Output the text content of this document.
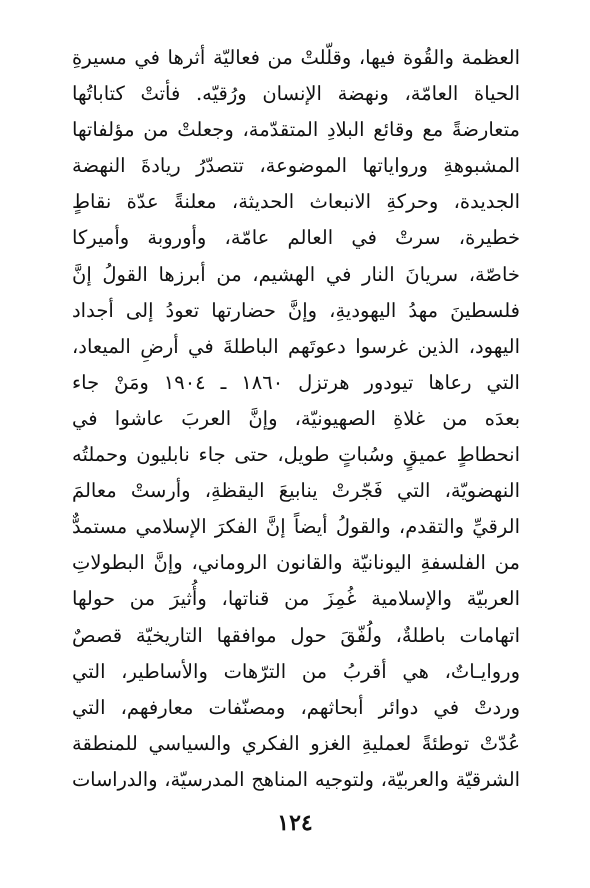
العظمة والقُوة فيها، وقلّلتْ من فعاليّة أثرها في مسيرةِ
الحياة العامّة، ونهضة الإنسان ورُقيّه. فأتتْ كتاباتُها
متعارضةً مع وقائع البلادِ المتقدّمة، وجعلتْ من مؤلفاتها
المشبوهةِ ورواياتها الموضوعة، تتصدّرُ ريادةَ النهضة
الجديدة، وحركةِ الانبعاث الحديثة، معلنةً عدّة نقاطٍ
خطيرة، سرتْ في العالم عامّة، وأوروبة وأميركا
خاصّة، سريانَ النار في الهشيم، من أبرزها القولُ إنَّ
فلسطينَ مهدُ اليهوديةِ، وإنَّ حضارتها تعودُ إلى أجداد
اليهود، الذين غرسوا دعوتَهم الباطلةَ في أرضِ الميعاد،
التي رعاها تيودور هرتزل ١٨٦٠ ـ ١٩٠٤ ومَنْ جاء
بعدَه من غلاةِ الصهيونيّة، وإنَّ العربَ عاشوا في
انحطاطٍ عميقٍ وسُباتٍ طويل، حتى جاء نابليون وحملتُه
النهضويّة، التي فَجّرتْ ينابيعَ اليقظةِ، وأرستْ معالمَ
الرقيِّ والتقدم، والقولُ أيضاً إنَّ الفكرَ الإسلامي مستمدٌّ
من الفلسفةِ اليونانيّة والقانون الروماني، وإنَّ البطولاتِ
العربيّة والإسلامية غُمِزَ من قناتها، وأُثيرَ من حولها
اتهامات باطلةٌ، ولُفّقَ حول موافقها التاريخيّة قصصٌ
وروايـاتٌ، هي أقربُ من الترّهات والأساطير، التي
وردتْ في دوائر أبحاثهم، ومصنّفات معارفهم، التي
عُدّتْ توطئةً لعمليةِ الغزو الفكري والسياسي للمنطقة
الشرقيّة والعربيّة، ولتوجيه المناهج المدرسيّة، والدراسات
١٢٤
